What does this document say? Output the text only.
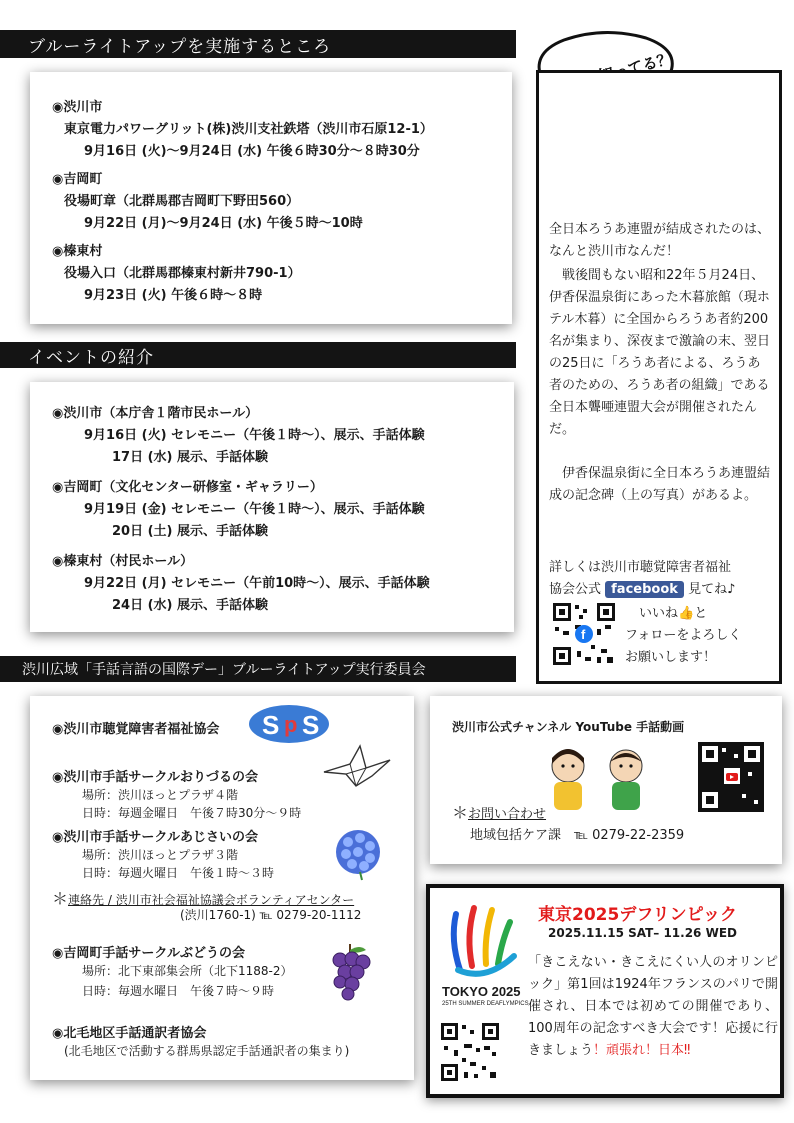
ブルーライトアップを実施するところ
◉渋川市
東京電力パワーグリット(株)渋川支社鉄塔（渋川市石原12-1）
9月16日 (火)～9月24日 (水) 午後６時30分～８時30分
◉吉岡町
役場町章（北群馬郡吉岡町下野田560）
9月22日 (月)～9月24日 (水) 午後５時～10時
◉榛東村
役場入口（北群馬郡榛東村新井790-1）
9月23日 (火) 午後６時～８時
イベントの紹介
◉渋川市（本庁舎１階市民ホール）
9月16日 (火) セレモニー（午後１時～）、展示、手話体験
17日 (水) 展示、手話体験
◉吉岡町（文化センター研修室・ギャラリー）
9月19日 (金) セレモニー（午後１時～）、展示、手話体験
20日 (土) 展示、手話体験
◉榛東村（村民ホール）
9月22日 (月) セレモニー（午前10時～）、展示、手話体験
24日 (水) 展示、手話体験
渋川広域「手話言語の国際デー」ブルーライトアップ実行委員会
◉渋川市聴覚障害者福祉協会 S p S
◉渋川市手話サークルおりづるの会
場所：渋川ほっとプラザ４階
日時：毎週金曜日　午後７時30分～９時
◉渋川市手話サークルあじさいの会
場所：渋川ほっとプラザ３階
日時：毎週火曜日　午後１時～３時
＊連絡先 / 渋川市社会福祉協議会ボランティアセンター
(渋川1760-1) ℡ 0279-20-1112
◉吉岡町手話サークルぶどうの会
場所：北下東部集会所（北下1188-2）
日時：毎週水曜日　午後７時～９時
◉北毛地区手話通訳者協会
(北毛地区で活動する群馬県認定手話通訳者の集まり)
全日本ろうあ連盟が結成されたのは、なんと渋川市なんだ！
戦後間もない昭和22年５月24日、伊香保温泉街にあった木暮旅館（現ホテル木暮）に全国からろうあ者約200名が集まり、深夜まで激論の末、翌日の25日に「ろうあ者による、ろうあ者のための、ろうあ者の組織」である全日本聾唖連盟大会が開催されたんだ。
伊香保温泉街に全日本ろうあ連盟結成の記念碑（上の写真）があるよ。
詳しくは渋川市聴覚障害者福祉
協会公式 facebook 見てね♪
f
いいね👍と
フォローをよろしく
お願いします！
渋川市公式チャンネル YouTube 手話動画
＊お問い合わせ
地域包括ケア課　℡ 0279-22-2359
TOKYO 2025
25TH SUMMER DEAFLYMPICS
東京2025デフリンピック
2025.11.15 SAT– 11.26 WED
「きこえない・きこえにくい人のオリンピック」第1回は1924年フランスのパリで開催され、日本では初めての開催であり、100周年の記念すべき大会です！応援に行きましょう！頑張れ！日本‼
